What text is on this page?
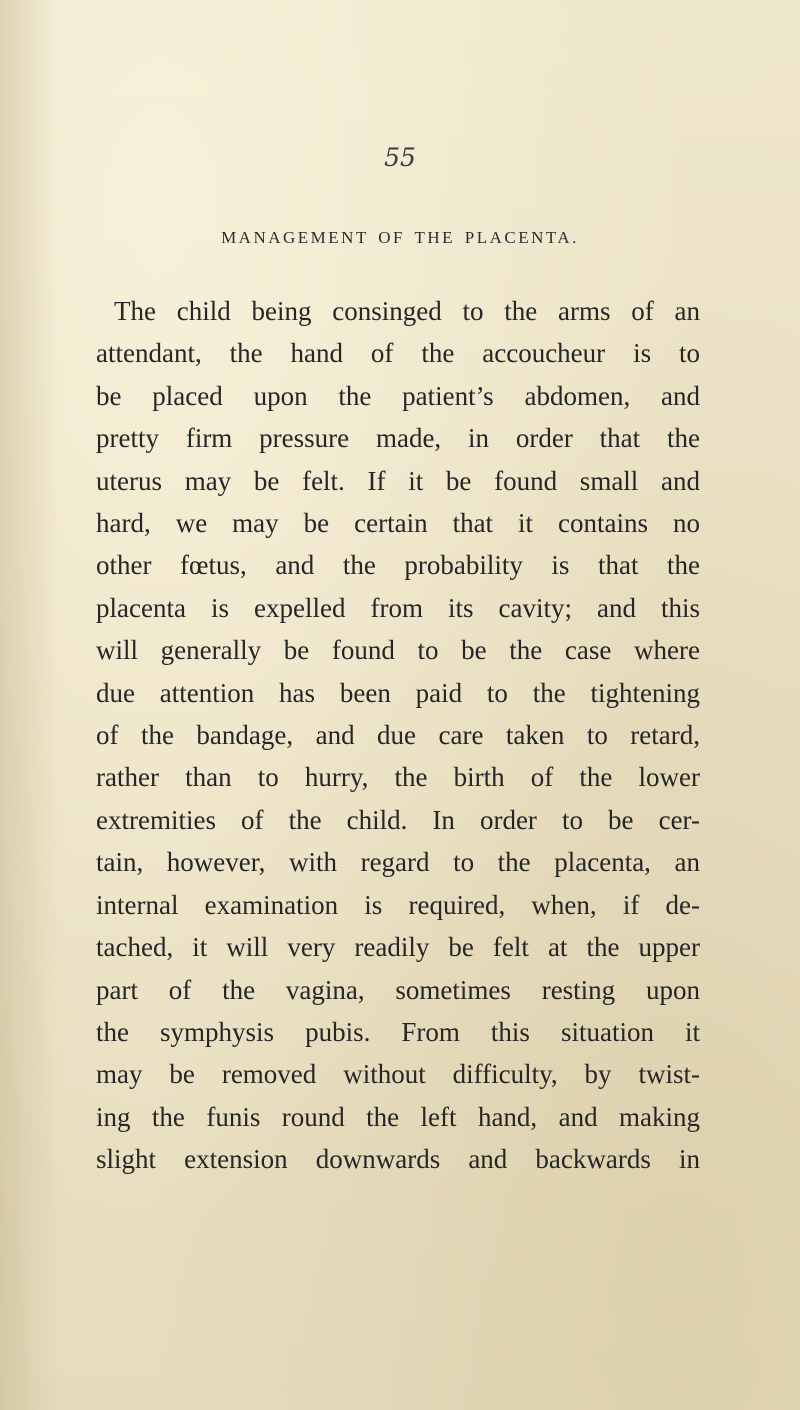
55
MANAGEMENT OF THE PLACENTA.
The child being consinged to the arms of an
attendant, the hand of the accoucheur is to
be placed upon the patient’s abdomen, and
pretty firm pressure made, in order that the
uterus may be felt. If it be found small and
hard, we may be certain that it contains no
other fœtus, and the probability is that the
placenta is expelled from its cavity; and this
will generally be found to be the case where
due attention has been paid to the tightening
of the bandage, and due care taken to retard,
rather than to hurry, the birth of the lower
extremities of the child. In order to be cer-
tain, however, with regard to the placenta, an
internal examination is required, when, if de-
tached, it will very readily be felt at the upper
part of the vagina, sometimes resting upon
the symphysis pubis. From this situation it
may be removed without difficulty, by twist-
ing the funis round the left hand, and making
slight extension downwards and backwards in
